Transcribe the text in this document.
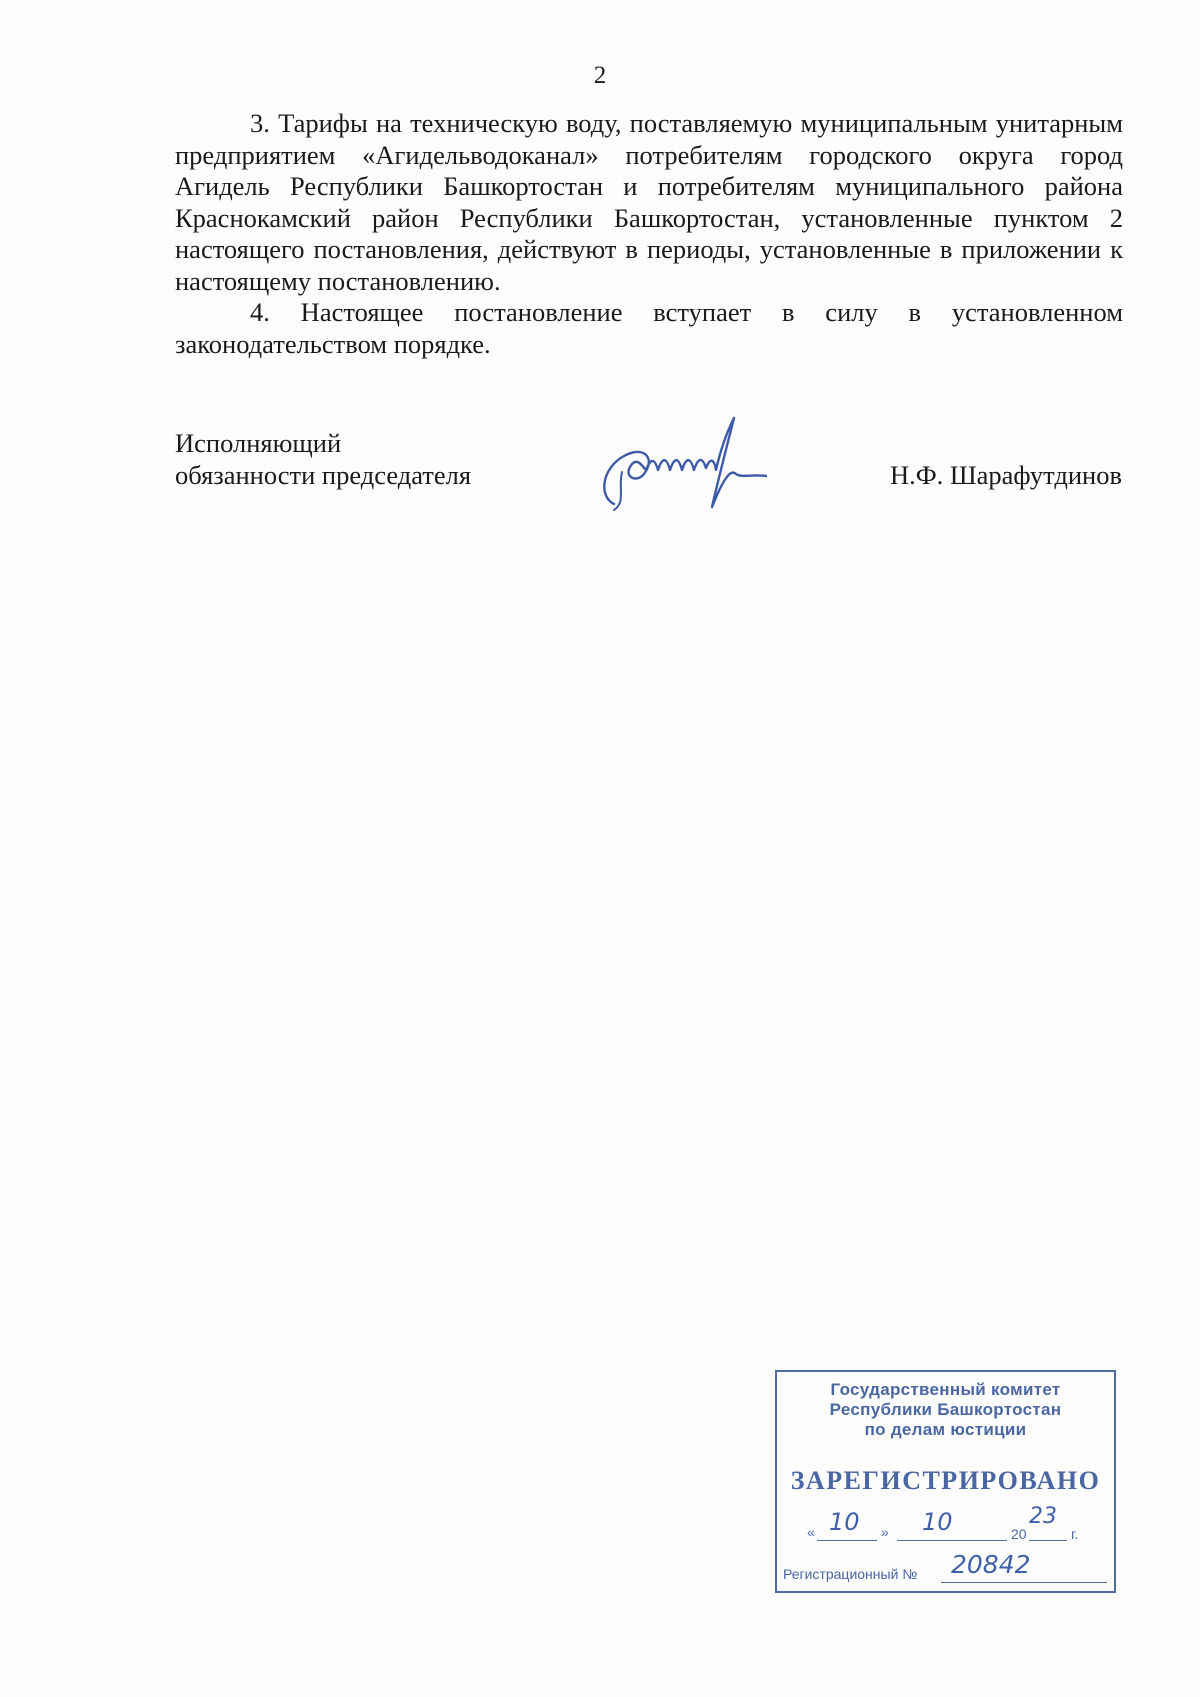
2

3. Тарифы на техническую воду, поставляемую муниципальным унитарным предприятием «Агидельводоканал» потребителям городского округа город Агидель Республики Башкортостан и потребителям муниципального района Краснокамский район Республики Башкортостан, установленные пунктом 2 настоящего постановления, действуют в периоды, установленные в приложении к настоящему постановлению.

4. Настоящее постановление вступает в силу в установленном законодательством порядке.

Исполняющий
обязанности председателя	Н.Ф. Шарафутдинов
Государственный комитет
Республики Башкортостан
по делам юстиции
ЗАРЕГИСТРИРОВАНО
« 10 » 10	20
23
г.
Регистрационный № 20842
